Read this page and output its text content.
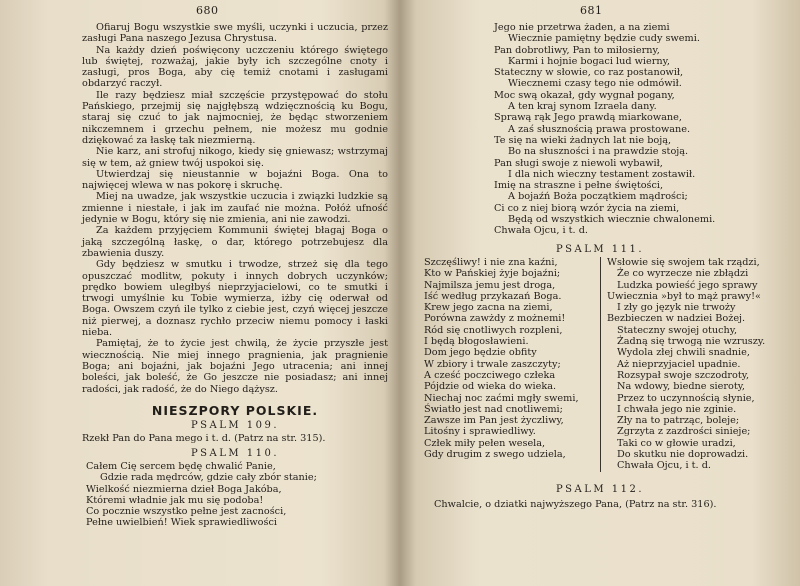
680

Ofiaruj Bogu wszystkie swe myśli, uczynki i uczucia, przez zasługi Pana naszego Jezusa Chrystusa.

Na każdy dzień poświęcony uczczeniu którego świętego lub świętej, rozważaj, jakie były ich szczególne cnoty i zasługi, pros Boga, aby cię temiż cnotami i zasługami obdarzyć raczył.

Ile razy będziesz miał szczęście przystępować do stołu Pańskiego, przejmij się najgłębszą wdzięcznością ku Bogu, staraj się czuć to jak najmocniej, że będąc stworzeniem nikczemnem i grzechu pełnem, nie możesz mu godnie dziękować za łaskę tak niezmierną.

Nie karz, ani strofuj nikogo, kiedy się gniewasz; wstrzymaj się w tem, aż gniew twój uspokoi się.

Utwierdzaj się nieustannie w bojaźni Boga. Ona to najwięcej wlewa w nas pokorę i skruchę.

Miej na uwadze, jak wszystkie uczucia i związki ludzkie są zmienne i niestałe, i jak im zaufać nie można. Połóż ufność jedynie w Bogu, który się nie zmienia, ani nie zawodzi.

Za każdem przyjęciem Kommunii świętej błagaj Boga o jaką szczególną łaskę, o dar, którego potrzebujesz dla zbawienia duszy.

Gdy będziesz w smutku i trwodze, strzeż się dla tego opuszczać modlitw, pokuty i innych dobrych uczynków; prędko bowiem uległbyś nieprzyjacielowi, co te smutki i trwogi umyślnie ku Tobie wymierza, iżby cię oderwał od Boga. Owszem czyń ile tylko z ciebie jest, czyń więcej jeszcze niż pierwej, a doznasz rychło przeciw niemu pomocy i łaski nieba.

Pamiętaj, że to życie jest chwilą, że życie przyszłe jest wiecznością. Nie miej innego pragnienia, jak pragnienie Boga; ani bojaźni, jak bojaźni Jego utracenia; ani innej boleści, jak boleść, że Go jeszcze nie posiadasz; ani innej radości, jak radość, że do Niego dążysz.

NIESZPORY POLSKIE.
PSALM 109.
Rzekł Pan do Pana mego i t. d. (Patrz na str. 315).
PSALM 110.
Całem Cię sercem będę chwalić Panie,
Gdzie rada mędrców, gdzie cały zbór stanie;
Wielkość niezmierna dzieł Boga Jakóba,
Któremi władnie jak mu się podoba!
Co pocznie wszystko pełne jest zacności,
Pełne uwielbień! Wiek sprawiedliwości
681
Jego nie przetrwa żaden, a na ziemi
Wiecznie pamiętny będzie cudy swemi.
Pan dobrotliwy, Pan to miłosierny,
Karmi i hojnie bogaci lud wierny,
Stateczny w słowie, co raz postanowił,
Wiecznemi czasy tego nie odmówił.
Moc swą okazał, gdy wygnał pogany,
A ten kraj synom Izraela dany.
Sprawą rąk Jego prawdą miarkowane,
A zaś słusznością prawa prostowane.
Te się na wieki żadnych lat nie boją,
Bo na słuszności i na prawdzie stoją.
Pan sługi swoje z niewoli wybawił,
I dla nich wieczny testament zostawił.
Imię na straszne i pełne świętości,
A bojaźń Boża początkiem mądrości;
Ci co z niej biorą wzór życia na ziemi,
Będą od wszystkich wiecznie chwalonemi.
Chwała Ojcu, i t. d.
PSALM 111.
Szczęśliwy! i nie zna kaźni,
Kto w Pańskiej żyje bojaźni;
Najmilsza jemu jest droga,
Iść według przykazań Boga.
Krew jego zacna na ziemi,
Porówna zawżdy z możnemi!
Ród się cnotliwych rozpleni,
I będą błogosławieni.
Dom jego będzie obfity
W zbiory i trwale zaszczyty;
A cześć poczciwego człeka
Pójdzie od wieka do wieka.
Niechaj noc zaćmi mgły swemi,
Światło jest nad cnotliwemi;
Zawsze im Pan jest życzliwy,
Litośny i sprawiedliwy.
Człek miły pełen wesela,
Gdy drugim z swego udziela,
Wsłowie się swojem tak rządzi,
Że co wyrzecze nie zbłądzi
Ludzka powieść jego sprawy
Uwiecznia »był to mąż prawy!«
I zły go język nie trwoży
Bezbieczen w nadziei Bożej.
Stateczny swojej otuchy,
Żadną się trwogą nie wzruszy.
Wydola złej chwili snadnie,
Aż nieprzyjaciel upadnie.
Rozsypał swoje szczodroty,
Na wdowy, biedne sieroty,
Przez to uczynnością słynie,
I chwała jego nie zginie.
Zły na to patrząc, boleje;
Zgrzyta z zazdrości sinieje;
Taki co w głowie uradzi,
Do skutku nie doprowadzi.
Chwała Ojcu, i t. d.
PSALM 112.
Chwalcie, o dziatki najwyższego Pana, (Patrz na str. 316).
